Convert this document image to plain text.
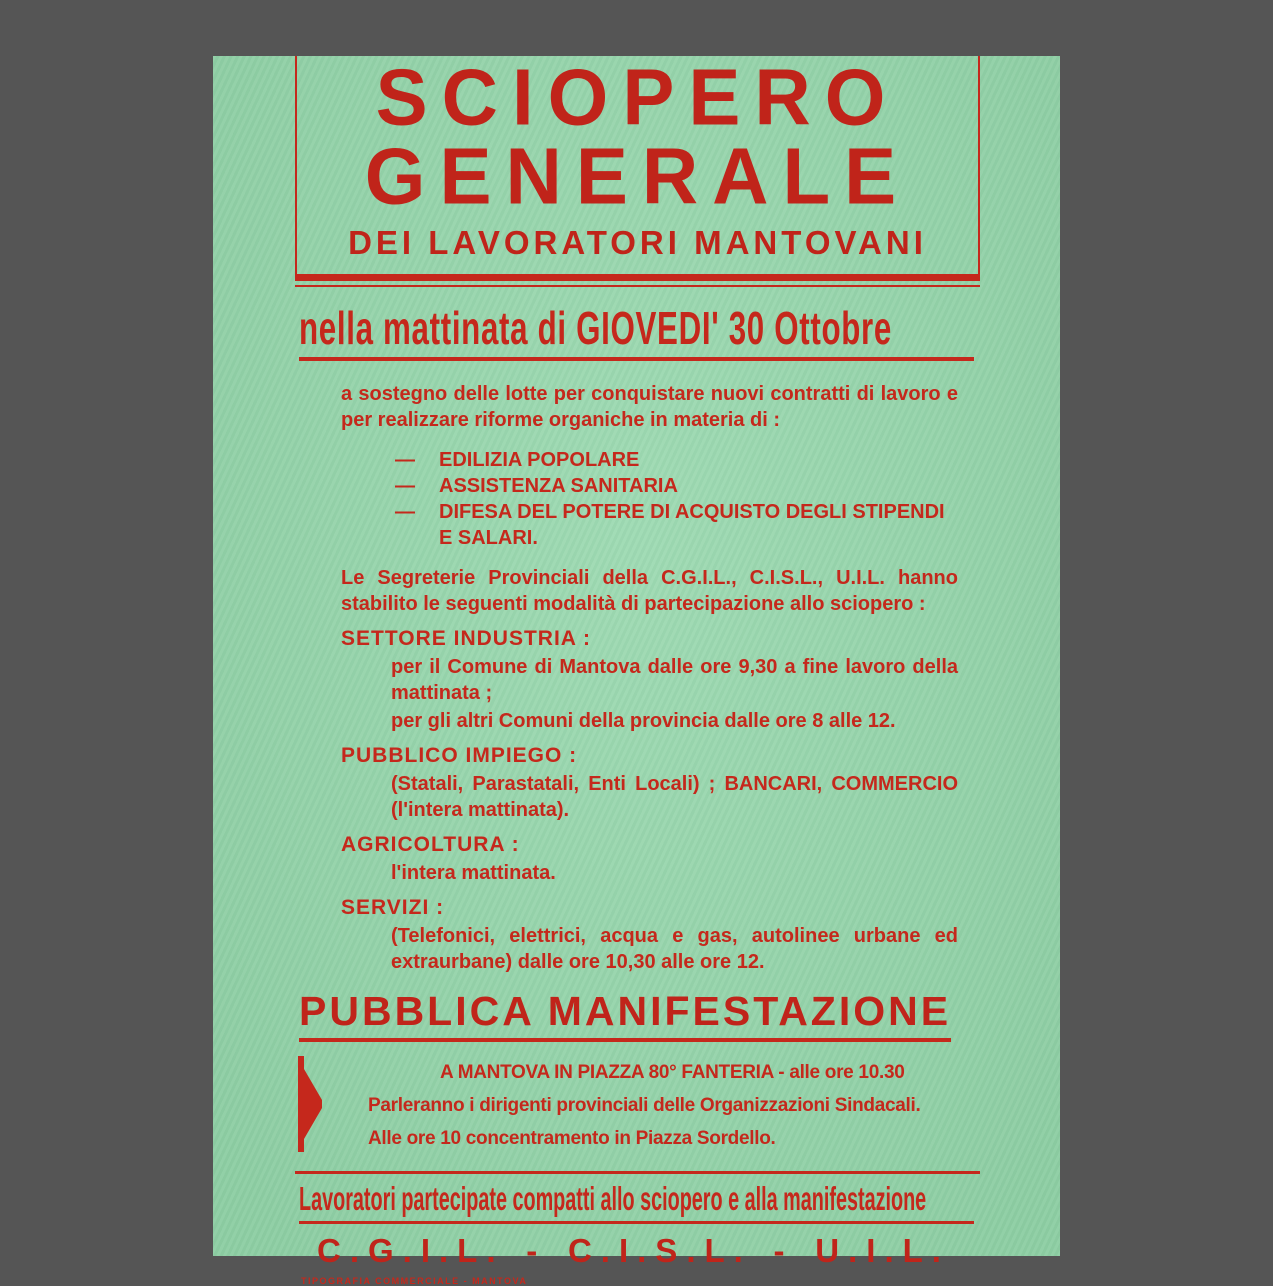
SCIOPERO
GENERALE
DEI LAVORATORI MANTOVANI
nella mattinata di GIOVEDI' 30 Ottobre
a sostegno delle lotte per conquistare nuovi contratti di lavoro e per realizzare riforme organiche in materia di :
—	EDILIZIA POPOLARE
—	ASSISTENZA SANITARIA
—	DIFESA DEL POTERE DI ACQUISTO DEGLI STIPENDI E SALARI.
Le Segreterie Provinciali della C.G.I.L., C.I.S.L., U.I.L. hanno stabilito le seguenti modalità di partecipazione allo sciopero :
SETTORE INDUSTRIA :
per il Comune di Mantova dalle ore 9,30 a fine lavoro della mattinata ;
per gli altri Comuni della provincia dalle ore 8 alle 12.
PUBBLICO IMPIEGO :
(Statali, Parastatali, Enti Locali) ; BANCARI, COMMERCIO (l'intera mattinata).
AGRICOLTURA :
l'intera mattinata.
SERVIZI :
(Telefonici, elettrici, acqua e gas, autolinee urbane ed extraurbane) dalle ore 10,30 alle ore 12.
PUBBLICA MANIFESTAZIONE
A MANTOVA IN PIAZZA 80° FANTERIA - alle ore 10.30
Parleranno i dirigenti provinciali delle Organizzazioni Sindacali.
Alle ore 10 concentramento in Piazza Sordello.
Lavoratori partecipate compatti allo sciopero e alla manifestazione
C.G.I.L. - C.I.S.L. - U.I.L.
TIPOGRAFIA COMMERCIALE - MANTOVA
